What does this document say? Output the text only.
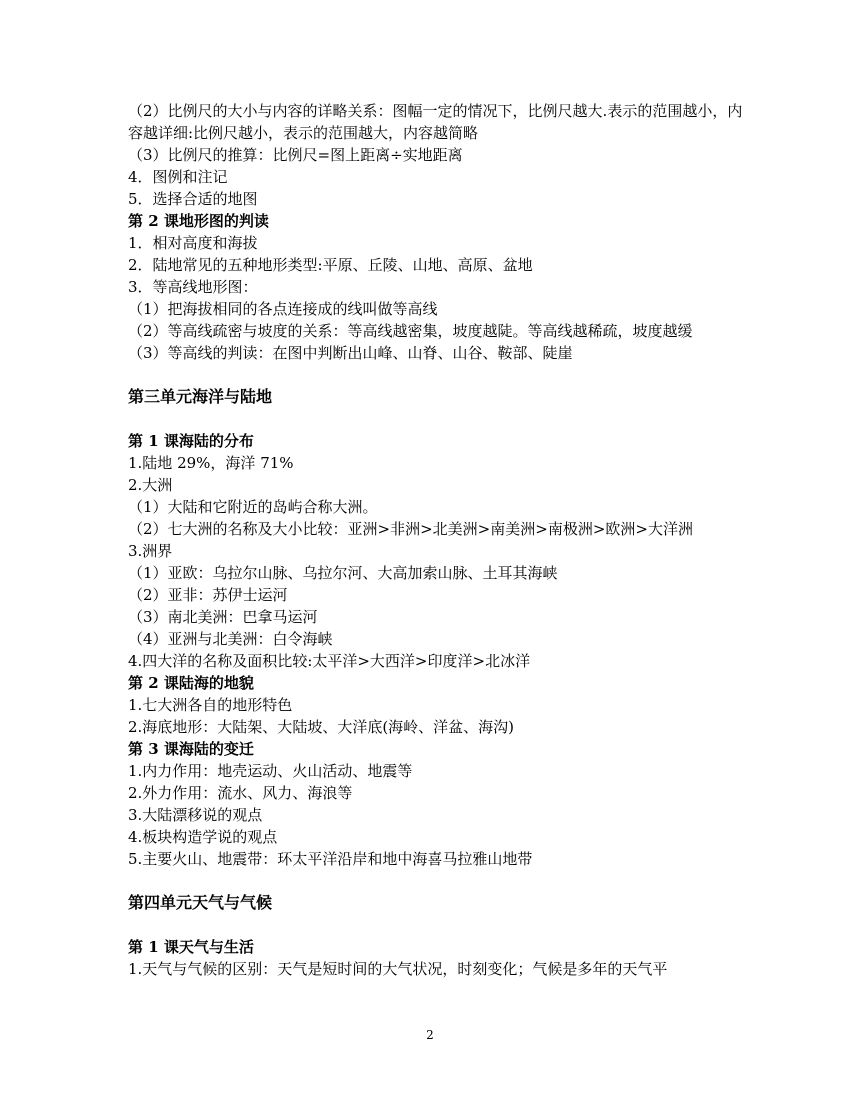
（2）比例尺的大小与内容的详略关系：图幅一定的情况下，比例尺越大.表示的范围越小，内容越详细:比例尺越小，表示的范围越大，内容越简略
（3）比例尺的推算：比例尺=图上距离÷实地距离
4．图例和注记
5．选择合适的地图
第 2 课地形图的判读
1．相对高度和海拔
2．陆地常见的五种地形类型:平原、丘陵、山地、高原、盆地
3．等高线地形图：
（1）把海拔相同的各点连接成的线叫做等高线
（2）等高线疏密与坡度的关系：等高线越密集，坡度越陡。等高线越稀疏，坡度越缓
（3）等高线的判读：在图中判断出山峰、山脊、山谷、鞍部、陡崖
第三单元海洋与陆地
第 1 课海陆的分布
1.陆地 29%，海洋 71%
2.大洲
（1）大陆和它附近的岛屿合称大洲。
（2）七大洲的名称及大小比较：亚洲>非洲>北美洲>南美洲>南极洲>欧洲>大洋洲
3.洲界
（1）亚欧：乌拉尔山脉、乌拉尔河、大高加索山脉、土耳其海峡
（2）亚非：苏伊士运河
（3）南北美洲：巴拿马运河
（4）亚洲与北美洲：白令海峡
4.四大洋的名称及面积比较:太平洋>大西洋>印度洋>北冰洋
第 2 课陆海的地貌
1.七大洲各自的地形特色
2.海底地形：大陆架、大陆坡、大洋底(海岭、洋盆、海沟)
第 3 课海陆的变迁
1.内力作用：地壳运动、火山活动、地震等
2.外力作用：流水、风力、海浪等
3.大陆漂移说的观点
4.板块构造学说的观点
5.主要火山、地震带：环太平洋沿岸和地中海喜马拉雅山地带
第四单元天气与气候
第 1 课天气与生活
1.天气与气候的区别：天气是短时间的大气状况，时刻变化；气候是多年的天气平
2
